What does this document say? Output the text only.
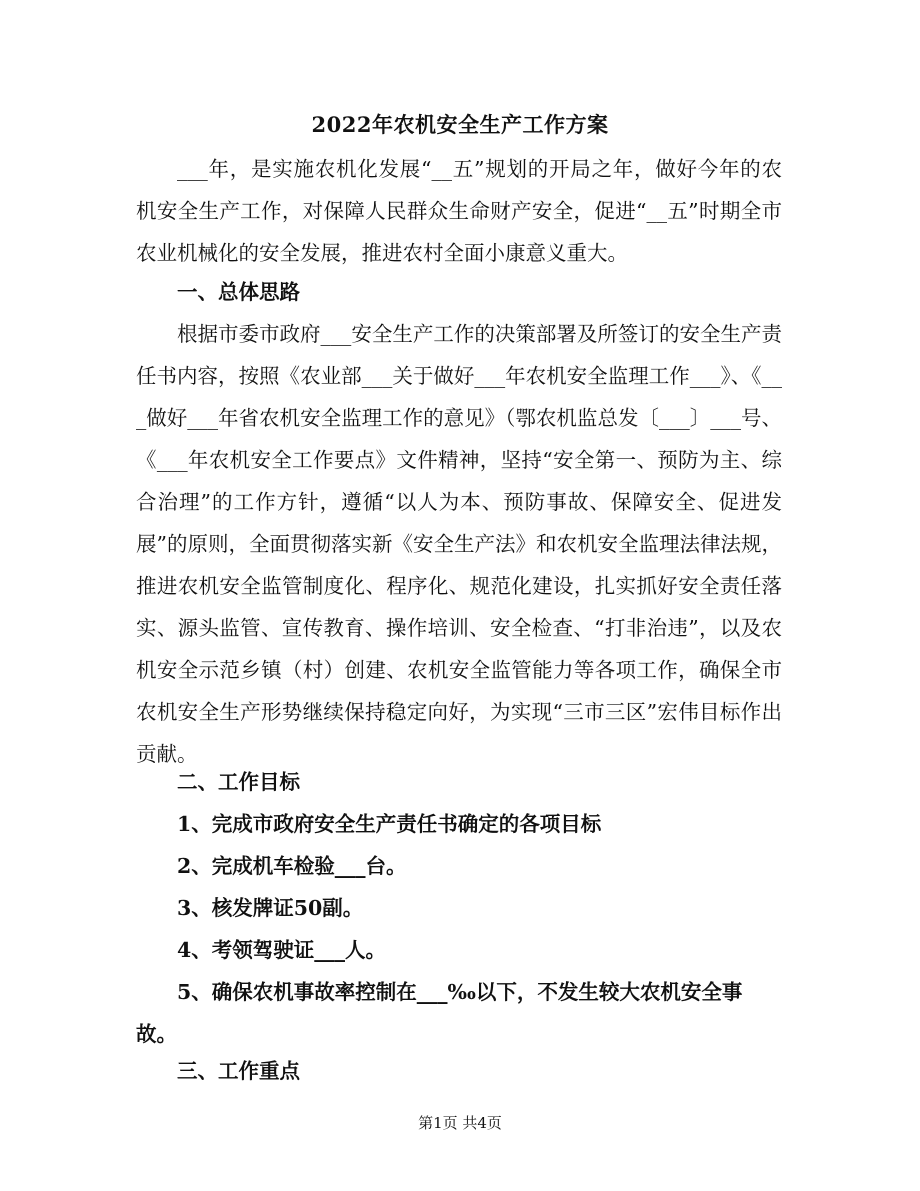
2022年农机安全生产工作方案

___年，是实施农机化发展“__五”规划的开局之年，做好今年的农机安全生产工作，对保障人民群众生命财产安全，促进“__五”时期全市农业机械化的安全发展，推进农村全面小康意义重大。

一、总体思路

根据市委市政府___安全生产工作的决策部署及所签订的安全生产责任书内容，按照《农业部___关于做好___年农机安全监理工作___》、《___做好___年省农机安全监理工作的意见》（鄂农机监总发〔___〕___号、《___年农机安全工作要点》文件精神，坚持“安全第一、预防为主、综合治理”的工作方针，遵循“以人为本、预防事故、保障安全、促进发展”的原则，全面贯彻落实新《安全生产法》和农机安全监理法律法规，推进农机安全监管制度化、程序化、规范化建设，扎实抓好安全责任落实、源头监管、宣传教育、操作培训、安全检查、“打非治违”，以及农机安全示范乡镇（村）创建、农机安全监管能力等各项工作，确保全市农机安全生产形势继续保持稳定向好，为实现“三市三区”宏伟目标作出贡献。

二、工作目标

1、完成市政府安全生产责任书确定的各项目标

2、完成机车检验___台。

3、核发牌证50副。

4、考领驾驶证___人。

5、确保农机事故率控制在___‰以下，不发生较大农机安全事故。

三、工作重点

第1页 共4页
